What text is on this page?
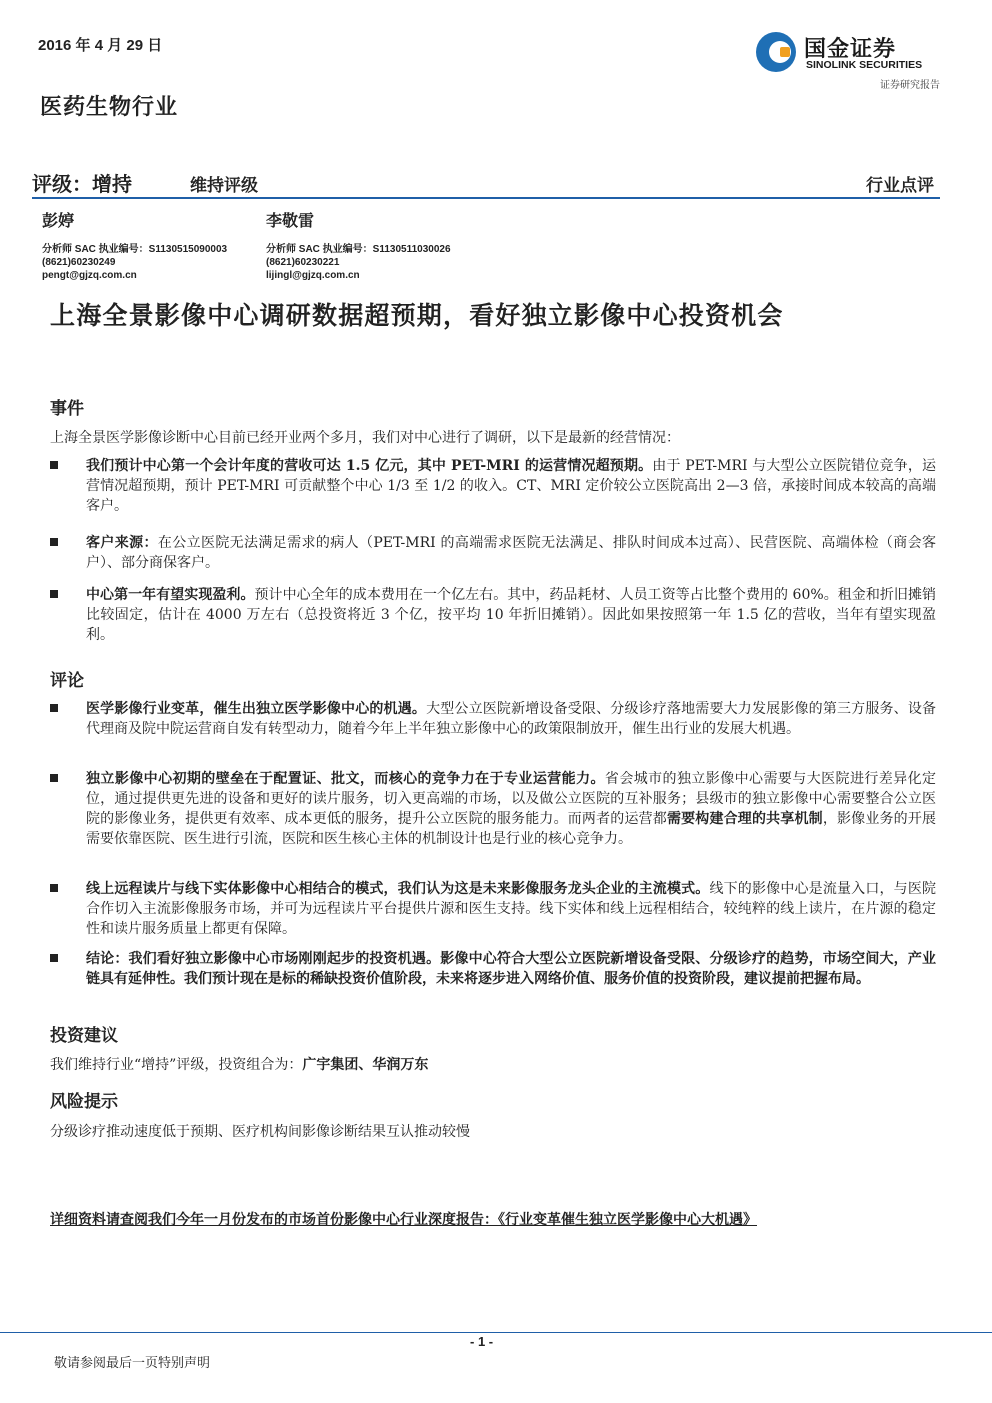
2016 年 4 月 29 日
医药生物行业
国金证券
SINOLINK SECURITIES
证券研究报告
评级：增持	维持评级	行业点评
彭婷
分析师 SAC 执业编号：S1130515090003
(8621)60230249
pengt@gjzq.com.cn
李敬雷
分析师 SAC 执业编号：S1130511030026
(8621)60230221
lijingl@gjzq.com.cn
上海全景影像中心调研数据超预期，看好独立影像中心投资机会
事件
上海全景医学影像诊断中心目前已经开业两个多月，我们对中心进行了调研，以下是最新的经营情况：
我们预计中心第一个会计年度的营收可达 1.5 亿元，其中 PET-MRI 的运营情况超预期。由于 PET-MRI 与大型公立医院错位竞争，运营情况超预期，预计 PET-MRI 可贡献整个中心 1/3 至 1/2 的收入。CT、MRI 定价较公立医院高出 2—3 倍，承接时间成本较高的高端客户。
客户来源：在公立医院无法满足需求的病人（PET-MRI 的高端需求医院无法满足、排队时间成本过高）、民营医院、高端体检（商会客户）、部分商保客户。
中心第一年有望实现盈利。预计中心全年的成本费用在一个亿左右。其中，药品耗材、人员工资等占比整个费用的 60%。租金和折旧摊销比较固定，估计在 4000 万左右（总投资将近 3 个亿，按平均 10 年折旧摊销）。因此如果按照第一年 1.5 亿的营收，当年有望实现盈利。
评论
医学影像行业变革，催生出独立医学影像中心的机遇。大型公立医院新增设备受限、分级诊疗落地需要大力发展影像的第三方服务、设备代理商及院中院运营商自发有转型动力，随着今年上半年独立影像中心的政策限制放开，催生出行业的发展大机遇。
独立影像中心初期的壁垒在于配置证、批文，而核心的竞争力在于专业运营能力。省会城市的独立影像中心需要与大医院进行差异化定位，通过提供更先进的设备和更好的读片服务，切入更高端的市场，以及做公立医院的互补服务；县级市的独立影像中心需要整合公立医院的影像业务，提供更有效率、成本更低的服务，提升公立医院的服务能力。而两者的运营都需要构建合理的共享机制，影像业务的开展需要依靠医院、医生进行引流，医院和医生核心主体的机制设计也是行业的核心竞争力。
线上远程读片与线下实体影像中心相结合的模式，我们认为这是未来影像服务龙头企业的主流模式。线下的影像中心是流量入口，与医院合作切入主流影像服务市场，并可为远程读片平台提供片源和医生支持。线下实体和线上远程相结合，较纯粹的线上读片，在片源的稳定性和读片服务质量上都更有保障。
结论：我们看好独立影像中心市场刚刚起步的投资机遇。影像中心符合大型公立医院新增设备受限、分级诊疗的趋势，市场空间大，产业链具有延伸性。我们预计现在是标的稀缺投资价值阶段，未来将逐步进入网络价值、服务价值的投资阶段，建议提前把握布局。
投资建议
我们维持行业“增持”评级，投资组合为：广宇集团、华润万东
风险提示
分级诊疗推动速度低于预期、医疗机构间影像诊断结果互认推动较慢
详细资料请查阅我们今年一月份发布的市场首份影像中心行业深度报告：《行业变革催生独立医学影像中心大机遇》
- 1 -
敬请参阅最后一页特别声明
